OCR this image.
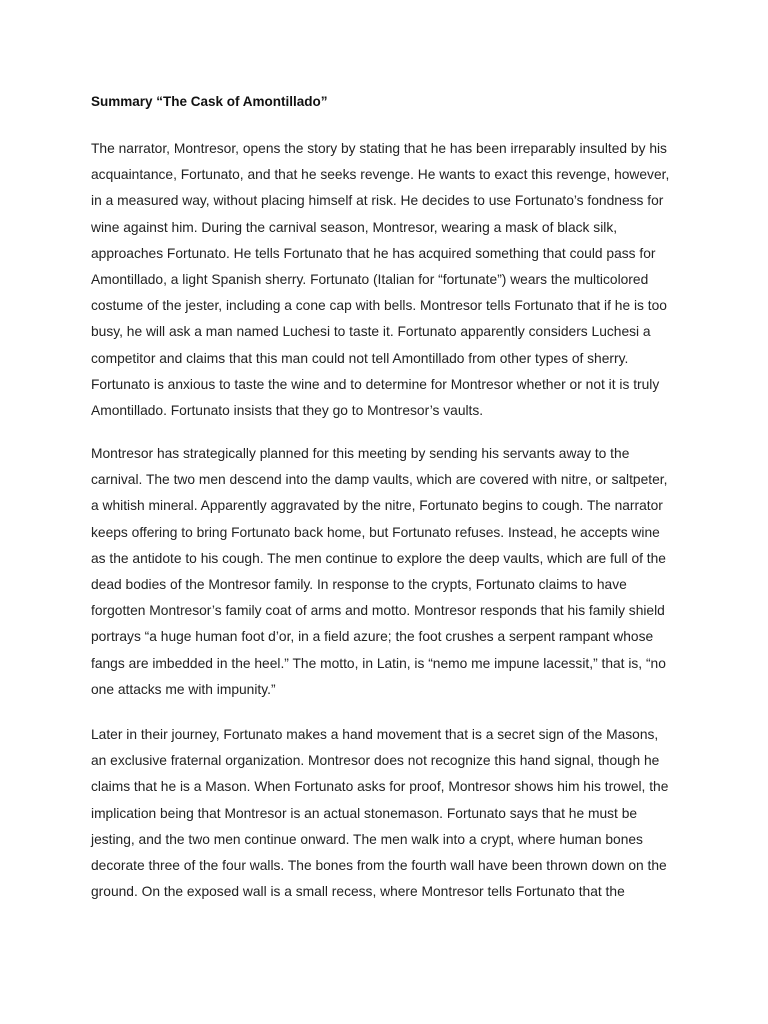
Summary “The Cask of Amontillado”

The narrator, Montresor, opens the story by stating that he has been irreparably insulted by his
acquaintance, Fortunato, and that he seeks revenge. He wants to exact this revenge, however,
in a measured way, without placing himself at risk. He decides to use Fortunato’s fondness for
wine against him. During the carnival season, Montresor, wearing a mask of black silk,
approaches Fortunato. He tells Fortunato that he has acquired something that could pass for
Amontillado, a light Spanish sherry. Fortunato (Italian for “fortunate”) wears the multicolored
costume of the jester, including a cone cap with bells. Montresor tells Fortunato that if he is too
busy, he will ask a man named Luchesi to taste it. Fortunato apparently considers Luchesi a
competitor and claims that this man could not tell Amontillado from other types of sherry.
Fortunato is anxious to taste the wine and to determine for Montresor whether or not it is truly
Amontillado. Fortunato insists that they go to Montresor’s vaults.

Montresor has strategically planned for this meeting by sending his servants away to the
carnival. The two men descend into the damp vaults, which are covered with nitre, or saltpeter,
a whitish mineral. Apparently aggravated by the nitre, Fortunato begins to cough. The narrator
keeps offering to bring Fortunato back home, but Fortunato refuses. Instead, he accepts wine
as the antidote to his cough. The men continue to explore the deep vaults, which are full of the
dead bodies of the Montresor family. In response to the crypts, Fortunato claims to have
forgotten Montresor’s family coat of arms and motto. Montresor responds that his family shield
portrays “a huge human foot d’or, in a field azure; the foot crushes a serpent rampant whose
fangs are imbedded in the heel.” The motto, in Latin, is “nemo me impune lacessit,” that is, “no
one attacks me with impunity.”

Later in their journey, Fortunato makes a hand movement that is a secret sign of the Masons,
an exclusive fraternal organization. Montresor does not recognize this hand signal, though he
claims that he is a Mason. When Fortunato asks for proof, Montresor shows him his trowel, the
implication being that Montresor is an actual stonemason. Fortunato says that he must be
jesting, and the two men continue onward. The men walk into a crypt, where human bones
decorate three of the four walls. The bones from the fourth wall have been thrown down on the
ground. On the exposed wall is a small recess, where Montresor tells Fortunato that the
